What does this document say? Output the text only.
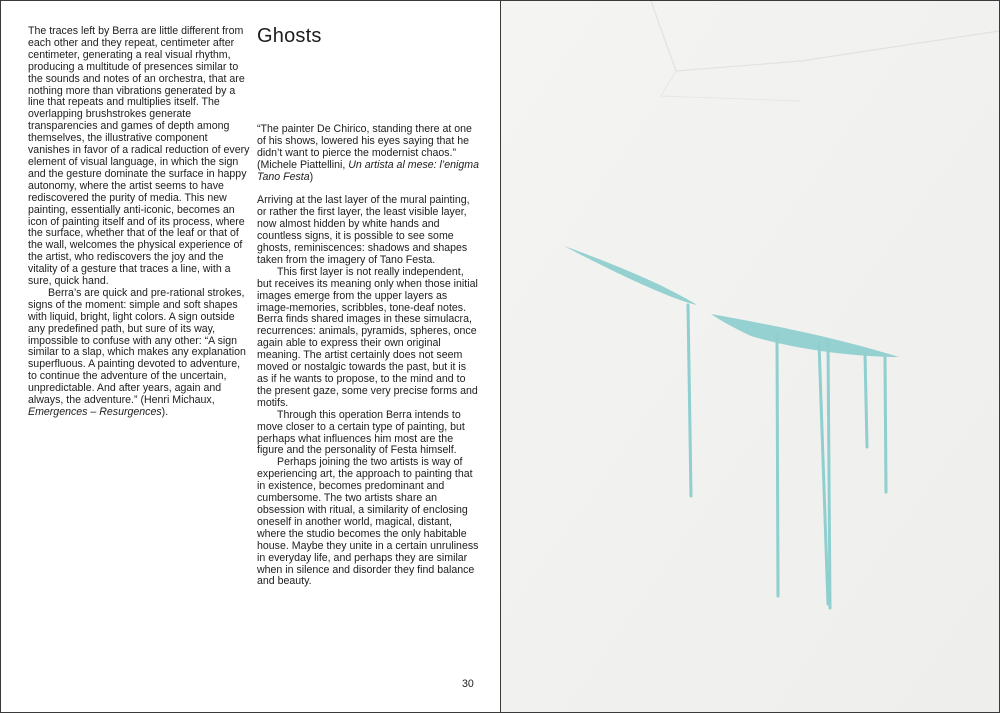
The traces left by Berra are little different from each other and they repeat, centimeter after centimeter, generating a real visual rhythm, producing a multitude of presences similar to the sounds and notes of an orchestra, that are nothing more than vibrations generated by a line that repeats and multiplies itself. The overlapping brushstrokes generate transparencies and games of depth among themselves, the illustrative component vanishes in favor of a radical reduction of every element of visual language, in which the sign and the gesture dominate the surface in happy autonomy, where the artist seems to have rediscovered the purity of media. This new painting, essentially anti-iconic, becomes an icon of painting itself and of its process, where the surface, whether that of the leaf or that of the wall, welcomes the physical experience of the artist, who rediscovers the joy and the vitality of a gesture that traces a line, with a sure, quick hand.

Berra’s are quick and pre-rational strokes, signs of the moment: simple and soft shapes with liquid, bright, light colors. A sign outside any predefined path, but sure of its way, impossible to confuse with any other: “A sign similar to a slap, which makes any explanation superfluous. A painting devoted to adventure, to continue the adventure of the uncertain, unpredictable. And after years, again and always, the adventure.” (Henri Michaux, Emergences – Resurgences).

Ghosts

“The painter De Chirico, standing there at one of his shows, lowered his eyes saying that he didn’t want to pierce the modernist chaos.” (Michele Piattellini, Un artista al mese: l’enigma Tano Festa)

Arriving at the last layer of the mural painting, or rather the first layer, the least visible layer, now almost hidden by white hands and countless signs, it is possible to see some ghosts, reminiscences: shadows and shapes taken from the imagery of Tano Festa.

This first layer is not really independent, but receives its meaning only when those initial images emerge from the upper layers as image-memories, scribbles, tone-deaf notes. Berra finds shared images in these simulacra, recurrences: animals, pyramids, spheres, once again able to express their own original meaning. The artist certainly does not seem moved or nostalgic towards the past, but it is as if he wants to propose, to the mind and to the present gaze, some very precise forms and motifs.

Through this operation Berra intends to move closer to a certain type of painting, but perhaps what influences him most are the figure and the personality of Festa himself.

Perhaps joining the two artists is way of experiencing art, the approach to painting that in existence, becomes predominant and cumbersome. The two artists share an obsession with ritual, a similarity of enclosing oneself in another world, magical, distant, where the studio becomes the only habitable house. Maybe they unite in a certain unruliness in everyday life, and perhaps they are similar when in silence and disorder they find balance and beauty.

30
